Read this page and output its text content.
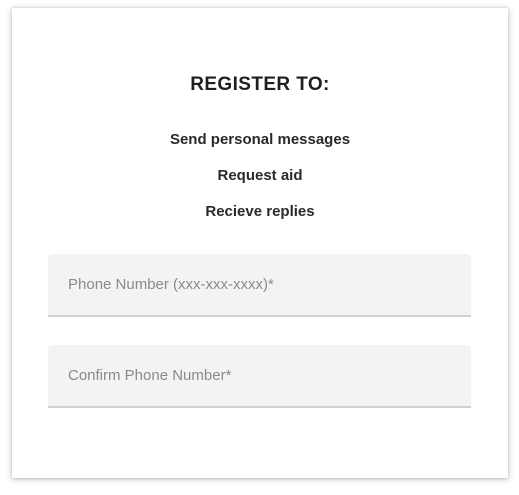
REGISTER TO:
Send personal messages
Request aid
Recieve replies
Phone Number (xxx-xxx-xxxx)*
Confirm Phone Number*
